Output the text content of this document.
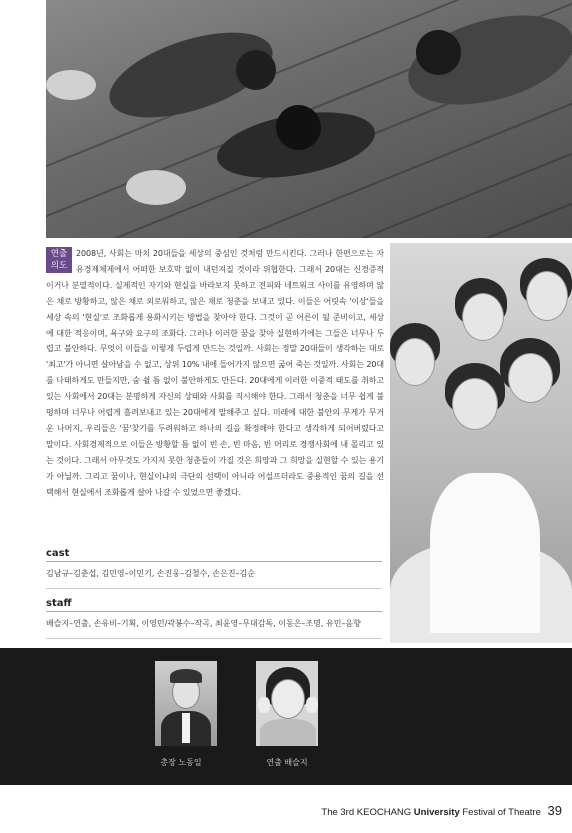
연출
의도
2008년, 사회는 마치 20대들을 세상의 중심인 것처럼 만드시킨다. 그러나 한편으로는 자유경제체제에서 어떠한 보호막 없이 내던져질 것이라 위협한다. 그래서 20대는 신경증적이거나 분열적이다. 실제적인 자기와 현실을 바라보지 못하고 전피와 네트워크 사이를 유영하며 않은 채로 방황하고, 않은 채로 외로워하고, 않은 채로 청춘을 보내고 있다. 이들은 어릿속 '이상'들을 세상 속의 '현실'로 조화롭게 용화시키는 방법을 찾아야 한다. 그것이 곧 어른이 될 준비이고, 세상에 대한 적응이며, 욕구와 요구의 조화다. 그러나 이러한 꿈을 찾아 실현하기에는 그들은 너무나 두렵고 불안하다. 무엇이 이들을 이렇게 두렵게 만드는 것일까. 사회는 정말 20대들이 생각하는 대로 '최고'가 아니면 살아남을 수 없고, 상위 10% 내에 들어가지 않으면 굶어 죽는 것일까. 사회는 20대를 나태하게도 만들지만, 숨 쉴 틈 없이 불안하게도 만든다. 20대에게 이러한 이중적 태도를 취하고 있는 사회에서 20대는 분명하게 자신의 상태와 사회를 직시해야 한다. 그래서 청춘을 너무 쉽게 불평하며 너무나 어렵게 흘려보내고 있는 20대에게 말해주고 싶다. 미래에 대한 불안의 무게가 무거운 나머지, 우리들은 '꿈'찾기를 두려워하고 하나의 길을 확정해야 한다고 생각하게 되어버렸다고 말이다. 사회경제적으로 이들은 방황할 틈 없이 빈 손, 빈 마음, 빈 머리로 경쟁사회에 내 몰리고 있는 것이다. 그래서 아무것도 가지지 못한 청춘들이 가질 것은 희망과 그 희망을 실현할 수 있는 용기가 아닐까. 그리고 꿈이나, 현실이냐의 극단의 선택이 아니라 어설프더라도 중용적인 꿈의 길을 선택해서 현실에서 조화롭게 살아 나갈 수 있었으면 좋겠다.
cast
김남규–김춘섭, 김민영–이민기, 손진웅–김철수, 손은진–김순
staff
배슬지–연출, 손유비–기획, 이영민/곽봉수–작곡, 최윤영–무대감독, 이동은–조명, 유민–음향
총장 노동일	연출 배슬지
The 3rd KEOCHANG University Festival of Theatre 39
